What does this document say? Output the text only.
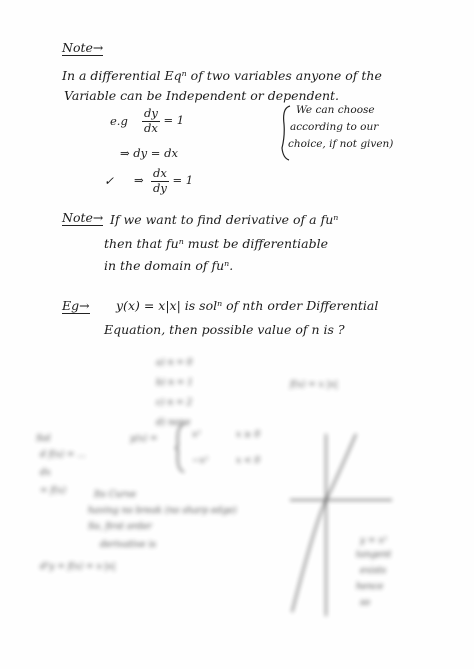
Note→
In a differential Eqⁿ of two variables anyone of the
Variable can be Independent or dependent.
$e.g \frac{dy}{dx} = 1$
⇒ dy = dx
✓ ⇒ $\frac{dx}{dy} = 1$
We can choose
according to our
choice, if not given)
Note→ If we want to find derivative of a fuⁿ
then that fuⁿ must be differentiable
in the domain of fuⁿ.
Eg→ y(x) = x|x| is solⁿ of nth order Differential
Equation, then possible value of n is ?
a) n = 0
b) n = 1
c) n = 2
d) none
f(x) = x |x|
Sol
d f(x) = ...
dx
= f(x)
y(x) =	x²
−x²
x ≥ 0
x < 0
Its Curve
having no break (no sharp edge)
So, first order
derivative is
d²y = f(x) = x·|x|
y = x²
tangent
exists
hence
so
